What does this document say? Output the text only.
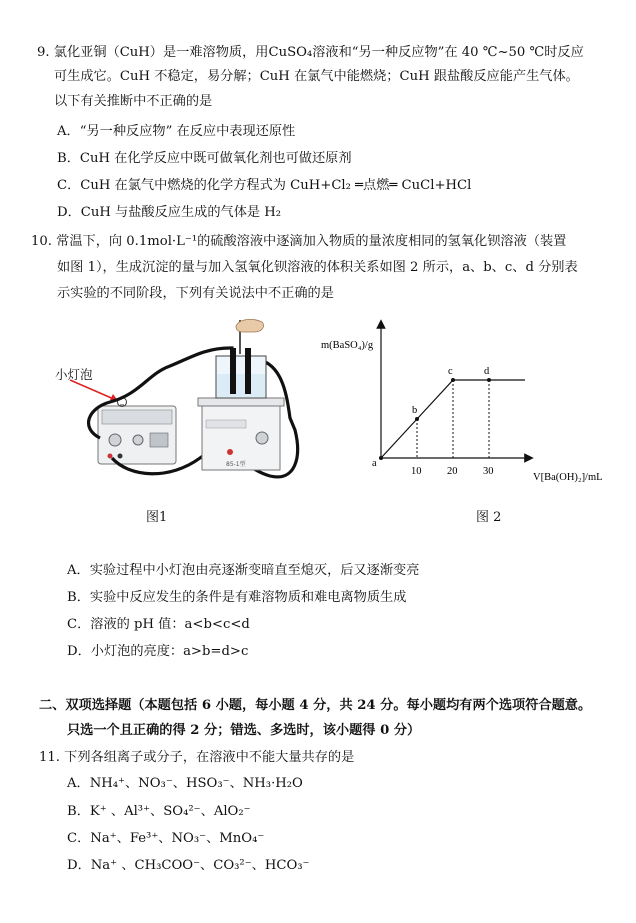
9. 氯化亚铜（CuH）是一难溶物质，用CuSO₄溶液和“另一种反应物”在 40 ℃~50 ℃时反应
可生成它。CuH 不稳定，易分解；CuH 在氯气中能燃烧；CuH 跟盐酸反应能产生气体。
以下有关推断中不正确的是
A．“另一种反应物” 在反应中表现还原性
B．CuH 在化学反应中既可做氧化剂也可做还原剂
C．CuH 在氯气中燃烧的化学方程式为 CuH+Cl₂ ═点燃═ CuCl+HCl
D．CuH 与盐酸反应生成的气体是 H₂
10. 常温下，向 0.1mol·L⁻¹的硫酸溶液中逐滴加入物质的量浓度相同的氢氧化钡溶液（装置
如图 1），生成沉淀的量与加入氢氧化钡溶液的体积关系如图 2 所示，a、b、c、d 分别表
示实验的不同阶段，下列有关说法中不正确的是
85-1型
小灯泡
图1
a
b
c	d
10 20 30
m(BaSO₄)/g
V[Ba(OH)₂]/mL
图 2
A．实验过程中小灯泡由亮逐渐变暗直至熄灭，后又逐渐变亮
B．实验中反应发生的条件是有难溶物质和难电离物质生成
C．溶液的 pH 值：a<b<c<d
D．小灯泡的亮度：a>b=d>c
二、双项选择题（本题包括 6 小题，每小题 4 分，共 24 分。每小题均有两个选项符合题意。
只选一个且正确的得 2 分；错选、多选时，该小题得 0 分）
11. 下列各组离子或分子，在溶液中不能大量共存的是
A．NH₄⁺、NO₃⁻、HSO₃⁻、NH₃·H₂O
B．K⁺ 、Al³⁺、SO₄²⁻、AlO₂⁻
C．Na⁺、Fe³⁺、NO₃⁻、MnO₄⁻
D．Na⁺ 、CH₃COO⁻、CO₃²⁻、HCO₃⁻
